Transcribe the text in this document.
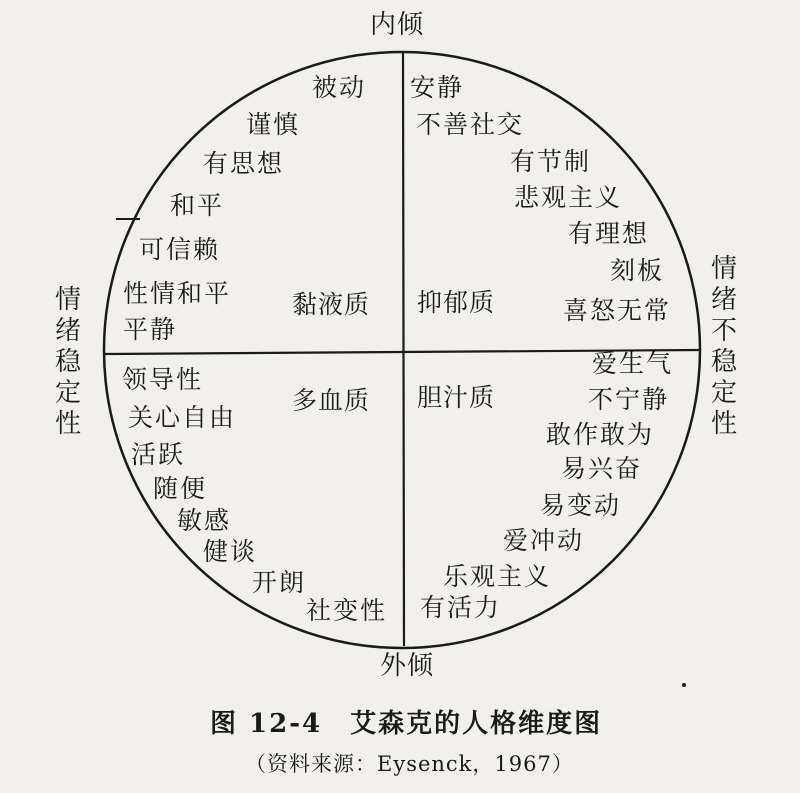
内倾
外倾
情绪稳定性
情绪不稳定性
被动
谨慎
有思想
和平
可信赖
性情和平
平静
黏液质
安静
不善社交
有节制
悲观主义
有理想
刻板
喜怒无常
抑郁质
领导性
关心自由
活跃
随便
敏感
健谈
开朗
社变性
多血质
爱生气
不宁静
敢作敢为
易兴奋
易变动
爱冲动
乐观主义
有活力
胆汁质
图 12-4 艾森克的人格维度图
（资料来源：Eysenck，1967）
